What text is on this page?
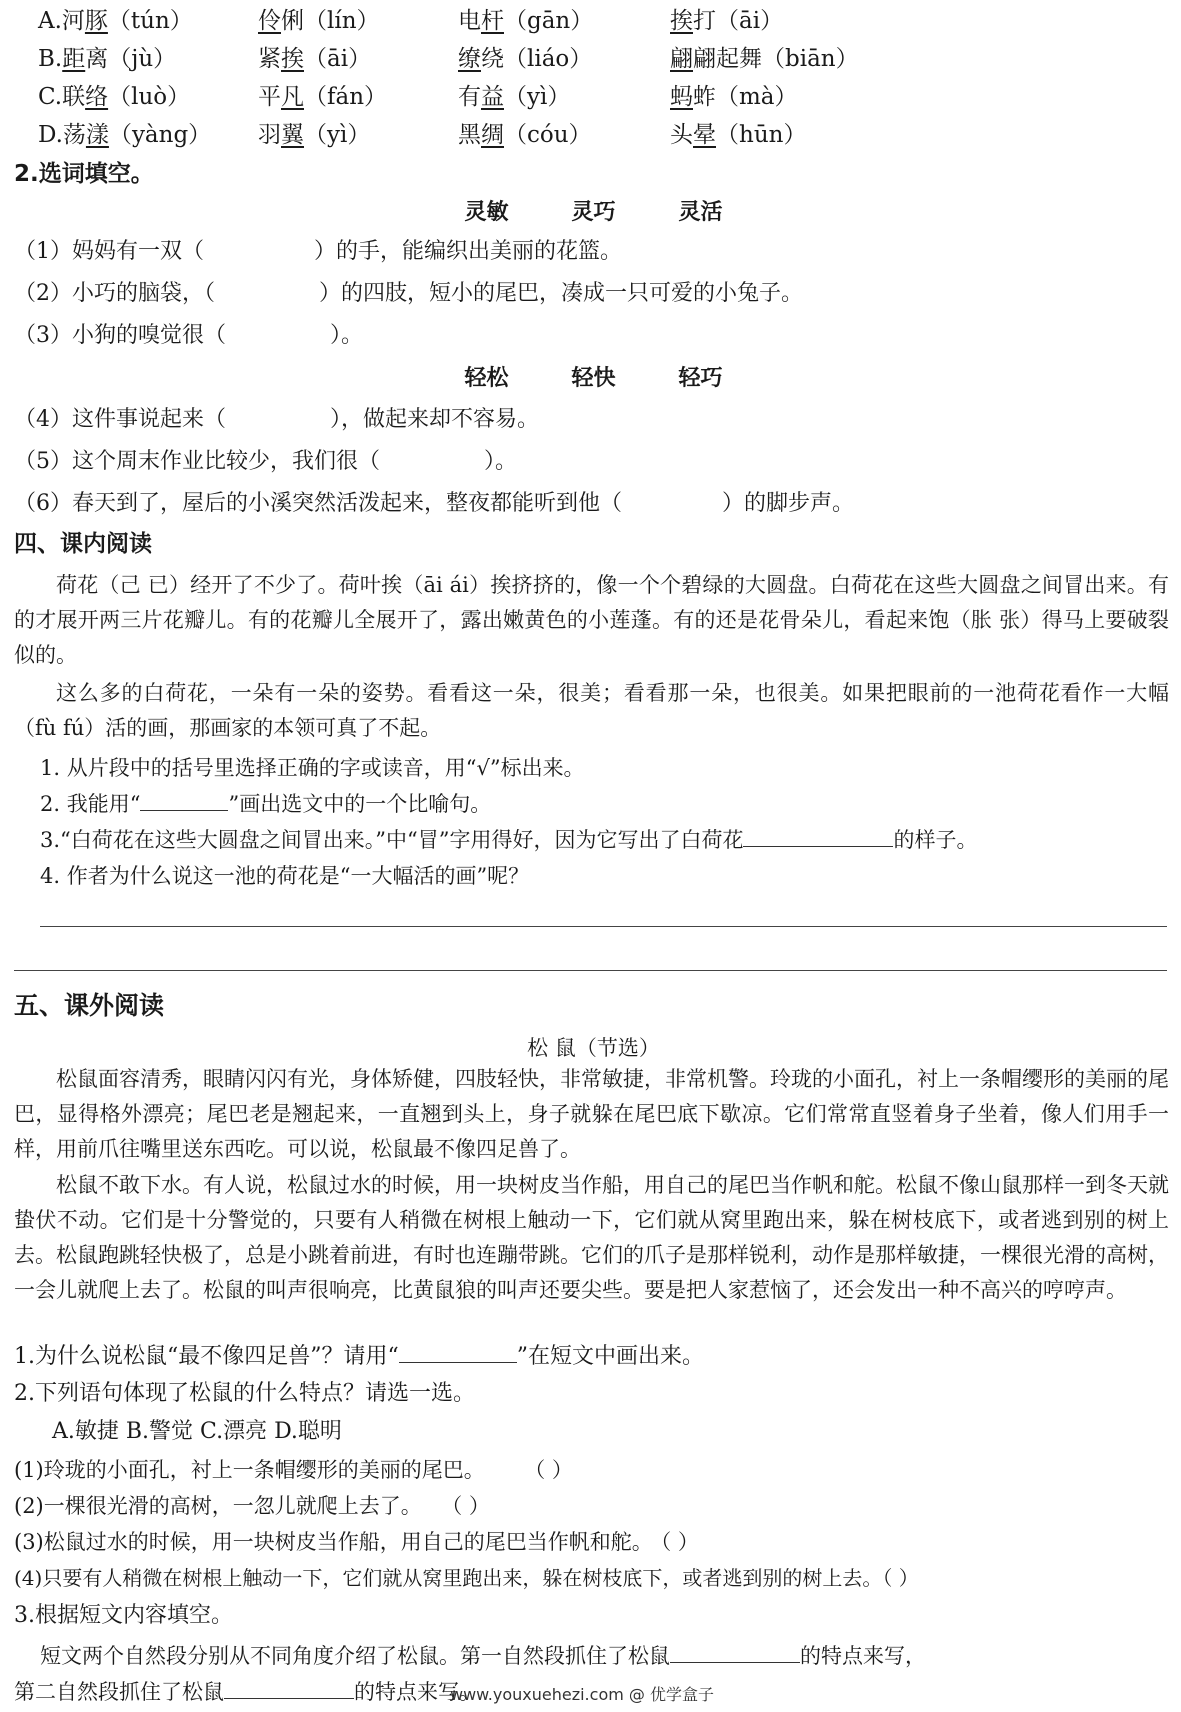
A.河豚（tún）	伶俐（lín）	电杆（gān）	挨打（āi）
B.距离（jù）	紧挨（āi）	缭绕（liáo）	翩翩起舞（biān）
C.联络（luò）	平凡（fán）	有益（yì）	蚂蚱（mà）
D.荡漾（yàng） 羽翼（yì）	黑绸（cóu）	头晕（hūn）
2.选词填空。
灵敏	灵巧	灵活
（1）妈妈有一双（	）的手，能编织出美丽的花篮。
（2）小巧的脑袋，（	）的四肢，短小的尾巴，凑成一只可爱的小兔子。
（3）小狗的嗅觉很（	）。
轻松	轻快	轻巧
（4）这件事说起来（	），做起来却不容易。
（5）这个周末作业比较少，我们很（	）。
（6）春天到了，屋后的小溪突然活泼起来，整夜都能听到他（	）的脚步声。
四、课内阅读
荷花（己 已）经开了不少了。荷叶挨（āi ái）挨挤挤的，像一个个碧绿的大圆盘。白荷花在这些大圆盘之间冒出来。有的才展开两三片花瓣儿。有的花瓣儿全展开了，露出嫩黄色的小莲蓬。有的还是花骨朵儿，看起来饱（胀 张）得马上要破裂似的。
这么多的白荷花，一朵有一朵的姿势。看看这一朵，很美；看看那一朵，也很美。如果把眼前的一池荷花看作一大幅（fù fú）活的画，那画家的本领可真了不起。
1. 从片段中的括号里选择正确的字或读音，用“√”标出来。
2. 我能用“	”画出选文中的一个比喻句。
3.“白荷花在这些大圆盘之间冒出来。”中“冒”字用得好，因为它写出了白荷花	的样子。
4. 作者为什么说这一池的荷花是“一大幅活的画”呢？
五、课外阅读
松 鼠（节选）
松鼠面容清秀，眼睛闪闪有光，身体矫健，四肢轻快，非常敏捷，非常机警。玲珑的小面孔，衬上一条帽缨形的美丽的尾巴，显得格外漂亮；尾巴老是翘起来，一直翘到头上，身子就躲在尾巴底下歇凉。它们常常直竖着身子坐着，像人们用手一样，用前爪往嘴里送东西吃。可以说，松鼠最不像四足兽了。
松鼠不敢下水。有人说，松鼠过水的时候，用一块树皮当作船，用自己的尾巴当作帆和舵。松鼠不像山鼠那样一到冬天就蛰伏不动。它们是十分警觉的，只要有人稍微在树根上触动一下，它们就从窝里跑出来，躲在树枝底下，或者逃到别的树上去。松鼠跑跳轻快极了，总是小跳着前进，有时也连蹦带跳。它们的爪子是那样锐利，动作是那样敏捷，一棵很光滑的高树，一会儿就爬上去了。松鼠的叫声很响亮，比黄鼠狼的叫声还要尖些。要是把人家惹恼了，还会发出一种不高兴的哼哼声。
1.为什么说松鼠“最不像四足兽”？请用“	”在短文中画出来。
2.下列语句体现了松鼠的什么特点？请选一选。
A.敏捷 B.警觉 C.漂亮 D.聪明
(1)玲珑的小面孔，衬上一条帽缨形的美丽的尾巴。 （ ）
(2)一棵很光滑的高树，一忽儿就爬上去了。 （ ）
(3)松鼠过水的时候，用一块树皮当作船，用自己的尾巴当作帆和舵。 （ ）
(4)只要有人稍微在树根上触动一下，它们就从窝里跑出来，躲在树枝底下，或者逃到别的树上去。（ ）
3.根据短文内容填空。
短文两个自然段分别从不同角度介绍了松鼠。第一自然段抓住了松鼠	的特点来写，
第二自然段抓住了松鼠	的特点来写。
www.youxuehezi.com @ 优学盒子
